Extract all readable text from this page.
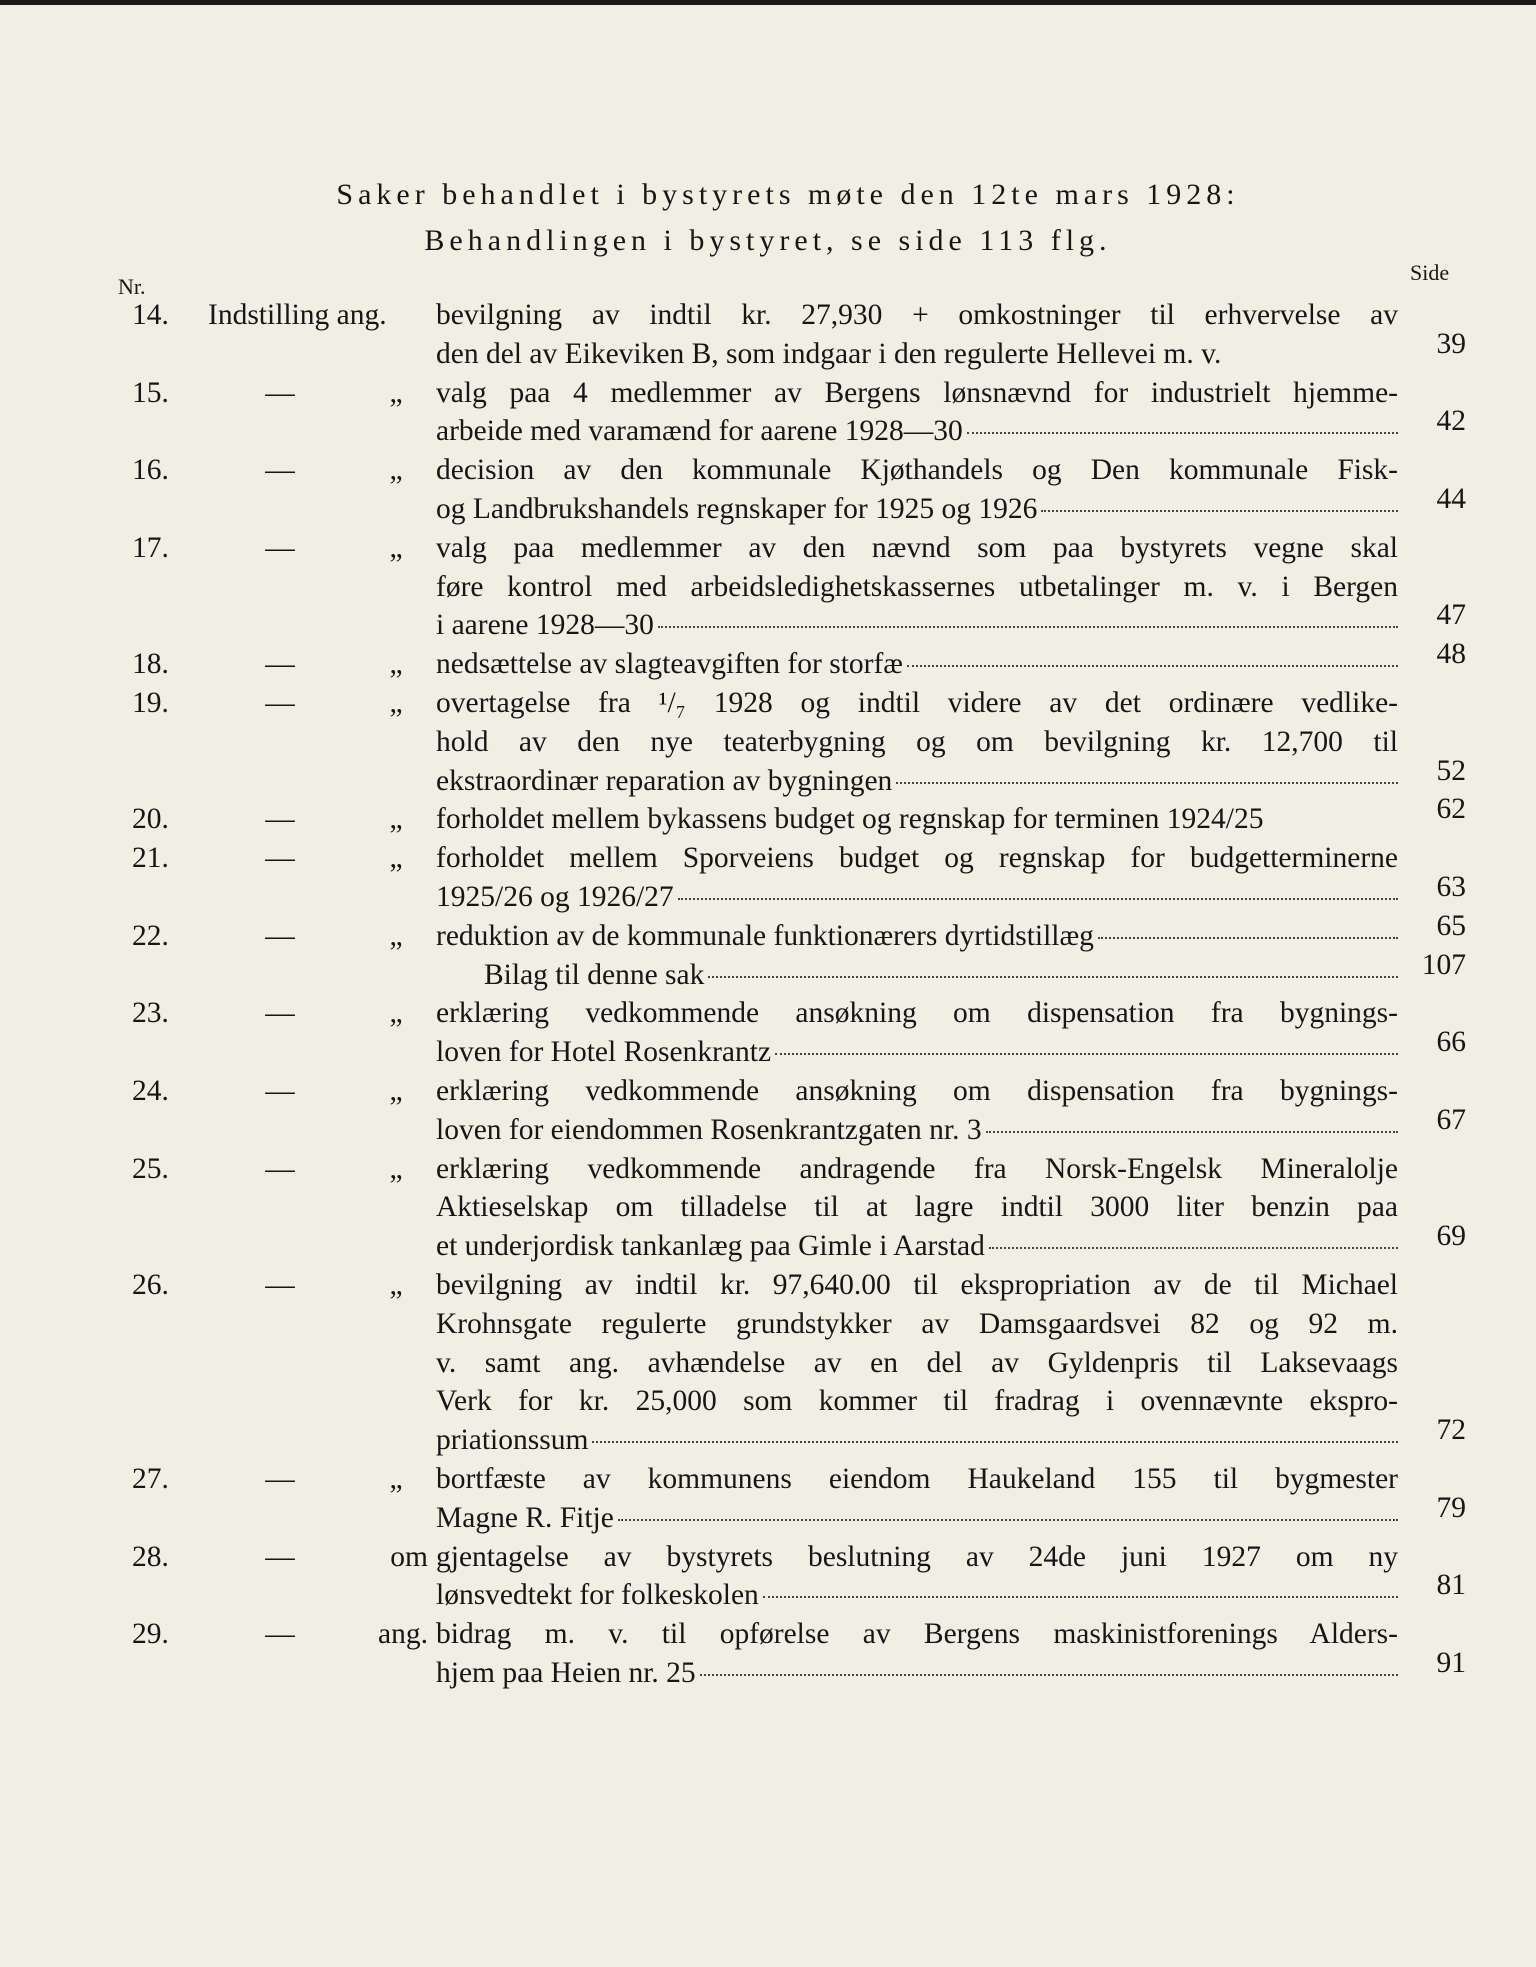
Saker behandlet i bystyrets møte den 12te mars 1928:
Behandlingen i bystyret, se side 113 flg.
Nr.
Side
14.	Indstilling ang. bevilgning av indtil kr. 27,930 + omkostninger til erhvervelse av
den del av Eikeviken B, som indgaar i den regulerte Hellevei m. v.	39
15.	—	„	valg paa 4 medlemmer av Bergens lønsnævnd for industrielt hjemme-
arbeide med varamænd for aarene 1928—30	42
16.	—	„	decision av den kommunale Kjøthandels og Den kommunale Fisk-
og Landbrukshandels regnskaper for 1925 og 1926	44
17.	—	„	valg paa medlemmer av den nævnd som paa bystyrets vegne skal
føre kontrol med arbeidsledighetskassernes utbetalinger m. v. i Bergen
i aarene 1928—30	47
18.	—	„	nedsættelse av slagteavgiften for storfæ	48
19.	—	„	overtagelse fra ¹/₇ 1928 og indtil videre av det ordinære vedlike-
hold av den nye teaterbygning og om bevilgning kr. 12,700 til
ekstraordinær reparation av bygningen	52
20.	—	„	forholdet mellem bykassens budget og regnskap for terminen 1924/25	62
21.	—	„	forholdet mellem Sporveiens budget og regnskap for budgetterminerne
1925/26 og 1926/27	63
22.	—	„	reduktion av de kommunale funktionærers dyrtidstillæg	65
Bilag til denne sak	107
23.	—	„	erklæring vedkommende ansøkning om dispensation fra bygnings-
loven for Hotel Rosenkrantz	66
24.	—	„	erklæring vedkommende ansøkning om dispensation fra bygnings-
loven for eiendommen Rosenkrantzgaten nr. 3	67
25.	—	„	erklæring vedkommende andragende fra Norsk-Engelsk Mineralolje
Aktieselskap om tilladelse til at lagre indtil 3000 liter benzin paa
et underjordisk tankanlæg paa Gimle i Aarstad	69
26.	—	„	bevilgning av indtil kr. 97,640.00 til ekspropriation av de til Michael
Krohnsgate regulerte grundstykker av Damsgaardsvei 82 og 92 m.
v. samt ang. avhændelse av en del av Gyldenpris til Laksevaags
Verk for kr. 25,000 som kommer til fradrag i ovennævnte ekspro-
priationssum	72
27.	—	„	bortfæste av kommunens eiendom Haukeland 155 til bygmester
Magne R. Fitje	79
28.	—	om gjentagelse av bystyrets beslutning av 24de juni 1927 om ny
lønsvedtekt for folkeskolen	81
29.	—	ang. bidrag m. v. til opførelse av Bergens maskinistforenings Alders-
hjem paa Heien nr. 25	91
